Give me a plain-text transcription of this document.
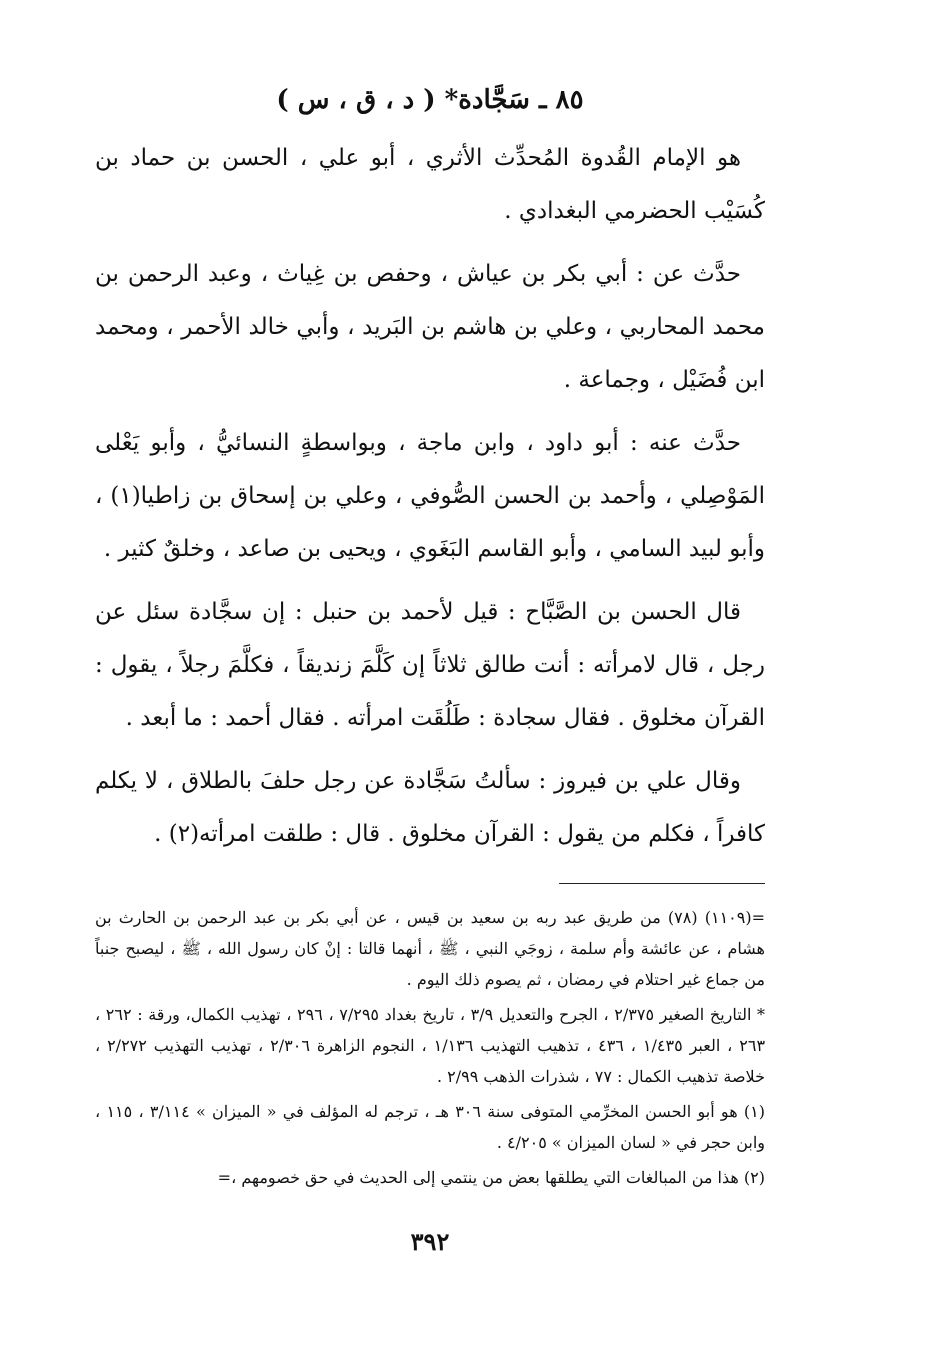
٨٥ ـ سَجَّادة* ( د ، ق ، س )

هو الإمام القُدوة المُحدِّث الأثري ، أبو علي ، الحسن بن حماد بن كُسَيْب الحضرمي البغدادي .

حدَّث عن : أبي بكر بن عياش ، وحفص بن غِياث ، وعبد الرحمن بن محمد المحاربي ، وعلي بن هاشم بن البَريد ، وأبي خالد الأحمر ، ومحمد ابن فُضَيْل ، وجماعة .

حدَّث عنه : أبو داود ، وابن ماجة ، وبواسطةٍ النسائيُّ ، وأبو يَعْلى المَوْصِلي ، وأحمد بن الحسن الصُّوفي ، وعلي بن إسحاق بن زاطيا(١) ، وأبو لبيد السامي ، وأبو القاسم البَغَوي ، ويحيى بن صاعد ، وخلقٌ كثير .

قال الحسن بن الصَّبَّاح : قيل لأحمد بن حنبل : إن سجَّادة سئل عن رجل ، قال لامرأته : أنت طالق ثلاثاً إن كَلَّمَ زنديقاً ، فكلَّمَ رجلاً ، يقول : القرآن مخلوق . فقال سجادة : طَلُقَت امرأته . فقال أحمد : ما أبعد .

وقال علي بن فيروز : سألتُ سَجَّادة عن رجل حلفَ بالطلاق ، لا يكلم كافراً ، فكلم من يقول : القرآن مخلوق . قال : طلقت امرأته(٢) .

=(١١٠٩) (٧٨) من طريق عبد ربه بن سعيد بن قيس ، عن أبي بكر بن عبد الرحمن بن الحارث بن هشام ، عن عائشة وأم سلمة ، زوجَي النبي ، ﷺ ، أنهما قالتا : إنْ كان رسول الله ، ﷺ ، ليصبح جنباً من جماع غير احتلام في رمضان ، ثم يصوم ذلك اليوم .

* التاريخ الصغير ٢/٣٧٥ ، الجرح والتعديل ٣/٩ ، تاريخ بغداد ٧/٢٩٥ ، ٢٩٦ ، تهذيب الكمال، ورقة : ٢٦٢ ، ٢٦٣ ، العبر ١/٤٣٥ ، ٤٣٦ ، تذهيب التهذيب ١/١٣٦ ، النجوم الزاهرة ٢/٣٠٦ ، تهذيب التهذيب ٢/٢٧٢ ، خلاصة تذهيب الكمال : ٧٧ ، شذرات الذهب ٢/٩٩ .

(١) هو أبو الحسن المخرِّمي المتوفى سنة ٣٠٦ هـ ، ترجم له المؤلف في « الميزان » ٣/١١٤ ، ١١٥ ، وابن حجر في « لسان الميزان » ٤/٢٠٥ .

(٢) هذا من المبالغات التي يطلقها بعض من ينتمي إلى الحديث في حق خصومهم ،=

٣٩٢
